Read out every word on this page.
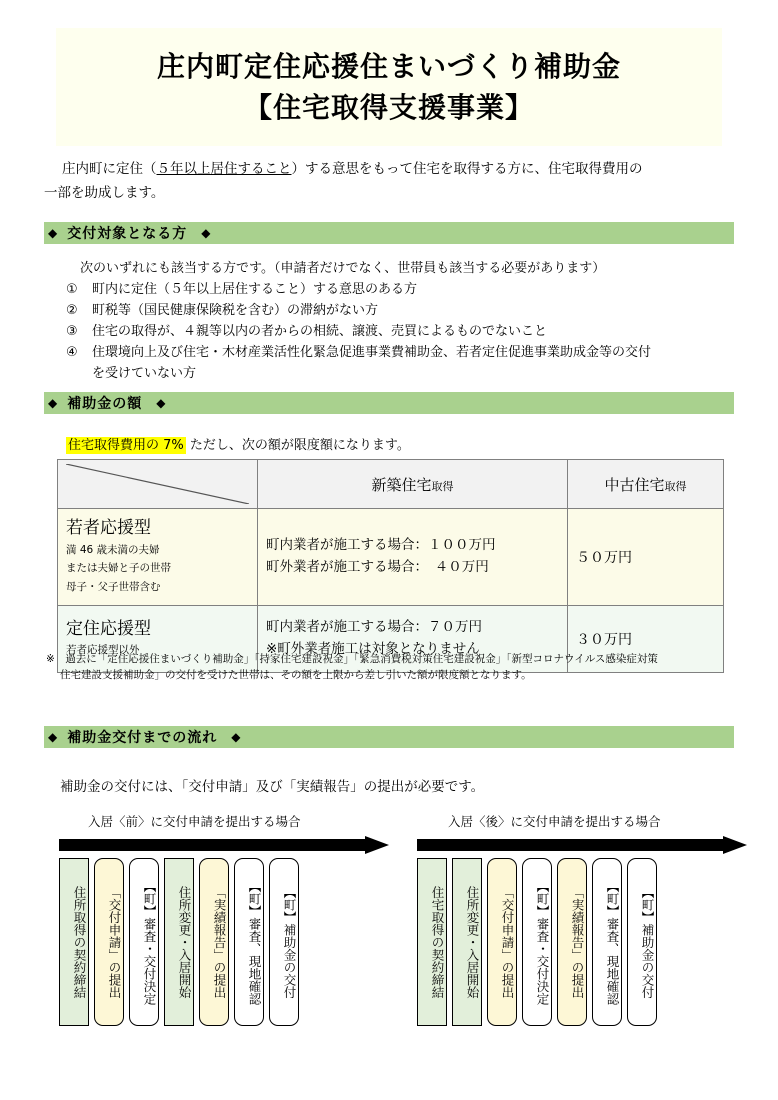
庄内町定住応援住まいづくり補助金
【住宅取得支援事業】
庄内町に定住（５年以上居住すること）する意思をもって住宅を取得する方に、住宅取得費用の
一部を助成します。
◆ 交付対象となる方 ◆
次のいずれにも該当する方です。（申請者だけでなく、世帯員も該当する必要があります）
①	町内に定住（５年以上居住すること）する意思のある方
②	町税等（国民健康保険税を含む）の滞納がない方
③	住宅の取得が、４親等以内の者からの相続、譲渡、売買によるものでないこと
④	住環境向上及び住宅・木材産業活性化緊急促進事業費補助金、若者定住促進事業助成金等の交付
を受けていない方
◆ 補助金の額 ◆
住宅取得費用の 7% ただし、次の額が限度額になります。
	新築住宅取得	中古住宅取得

若者応援型
満 46 歳未満の夫婦
または夫婦と子の世帯
母子・父子世帯含む

町内業者が施工する場合：１００万円
町外業者が施工する場合：　４０万円
	５０万円

定住応援型
若者応援型以外

町内業者が施工する場合：７０万円
※町外業者施工は対象となりません
	３０万円
※　過去に「定住応援住まいづくり補助金」「持家住宅建設祝金」「緊急消費税対策住宅建設祝金」「新型コロナウイルス感染症対策
住宅建設支援補助金」の交付を受けた世帯は、その額を上限から差し引いた額が限度額となります。
◆ 補助金交付までの流れ ◆
補助金の交付には、「交付申請」及び「実績報告」の提出が必要です。
入居〈前〉に交付申請を提出する場合	入居〈後〉に交付申請を提出する場合
住所取得の契約締結	「交付申請」の提出	【町】審査・交付決定	住所変更・入居開始	「実績報告」の提出	【町】審査、現地確認	【町】補助金の交付	住宅取得の契約締結	住所変更・入居開始	「交付申請」の提出	【町】審査・交付決定	「実績報告」の提出	【町】審査、現地確認	【町】補助金の交付
